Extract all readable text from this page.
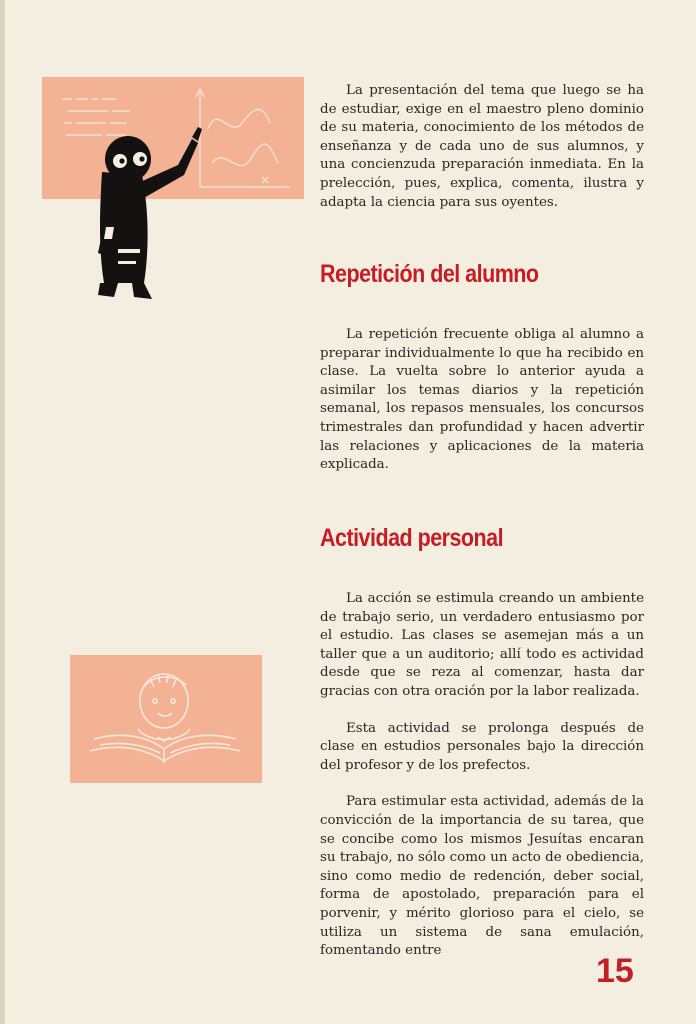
La presentación del tema que luego se ha de estudiar, exige en el maestro pleno dominio de su materia, conocimiento de los métodos de enseñanza y de cada uno de sus alumnos, y una concienzuda preparación inmediata. En la prelección, pues, explica, comenta, ilustra y adapta la ciencia para sus oyentes.

Repetición del alumno

La repetición frecuente obliga al alumno a preparar individualmente lo que ha recibido en clase. La vuelta sobre lo anterior ayuda a asimilar los temas diarios y la repetición semanal, los repasos mensuales, los concursos trimestrales dan profundidad y hacen advertir las relaciones y aplicaciones de la materia explicada.

Actividad personal

La acción se estimula creando un ambiente de trabajo serio, un verdadero entusiasmo por el estudio. Las clases se asemejan más a un taller que a un auditorio; allí todo es actividad desde que se reza al comenzar, hasta dar gracias con otra oración por la labor realizada.

Esta actividad se prolonga después de clase en estudios personales bajo la dirección del profesor y de los prefectos.

Para estimular esta actividad, además de la convicción de la importancia de su tarea, que se concibe como los mismos Jesuítas encaran su trabajo, no sólo como un acto de obediencia, sino como medio de redención, deber social, forma de apostolado, preparación para el porvenir, y mérito glorioso para el cielo, se utiliza un sistema de sana emulación, fomentando entre

15
